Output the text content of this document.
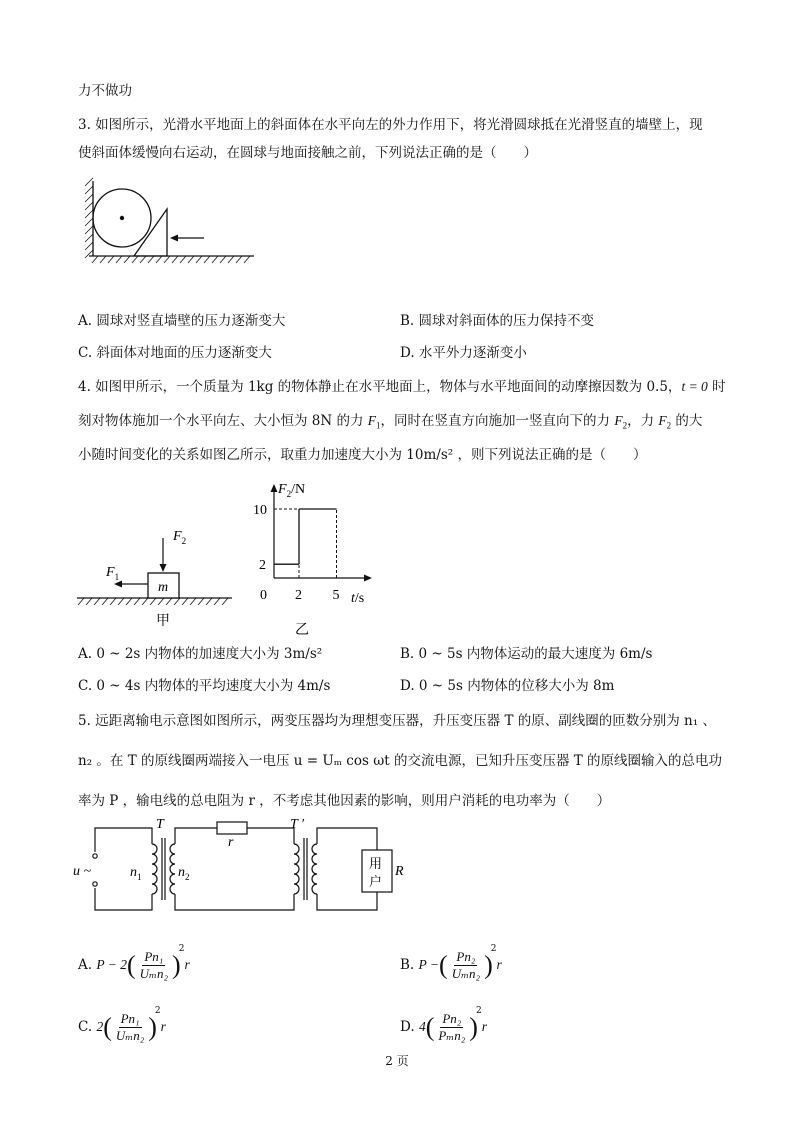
力不做功
3. 如图所示，光滑水平地面上的斜面体在水平向左的外力作用下，将光滑圆球抵在光滑竖直的墙壁上，现
使斜面体缓慢向右运动，在圆球与地面接触之前，下列说法正确的是（　　）
A. 圆球对竖直墙壁的压力逐渐变大	B. 圆球对斜面体的压力保持不变
C. 斜面体对地面的压力逐渐变大	D. 水平外力逐渐变小
4. 如图甲所示，一个质量为 1kg 的物体静止在水平地面上，物体与水平地面间的动摩擦因数为 0.5，t = 0 时
刻对物体施加一个水平向左、大小恒为 8N 的力 $F_1$，同时在竖直方向施加一竖直向下的力 $F_2$，力 $F_2$ 的大
小随时间变化的关系如图乙所示，取重力加速度大小为 10m/s² ，则下列说法正确的是（　　）
m
$F_2$
$F_1$
甲
2 5
2
10
$F_2/N$
t/s
0
乙
A. 0 ~ 2s 内物体的加速度大小为 3m/s²	B. 0 ~ 5s 内物体运动的最大速度为 6m/s
C. 0 ~ 4s 内物体的平均速度大小为 4m/s	D. 0 ~ 5s 内物体的位移大小为 8m
5. 远距离输电示意图如图所示，两变压器均为理想变压器，升压变压器 T 的原、副线圈的匝数分别为 n₁ 、
n₂ 。在 T 的原线圈两端接入一电压 u = Uₘ cos ωt 的交流电源，已知升压变压器 T 的原线圈输入的总电功
率为 P ，输电线的总电阻为 r ，不考虑其他因素的影响，则用户消耗的电功率为（　　）
u ~	$n_1$	$n_2$
T
r
T ′
用
户
R
A. $P - 2( \frac{\text{Pn₁}}{\text{Uₘn₂}} )^2r$	B. P −( $\frac{\text{Pn₂}}{\text{Uₘn₂}} )^2r$
C. $2( \frac{\text{Pn₁}}{\text{Uₘn₂}} )^2r$	D. $4( \frac{\text{Pn₂}}{\text{Pₘn₂}} )^2r$
2 页
